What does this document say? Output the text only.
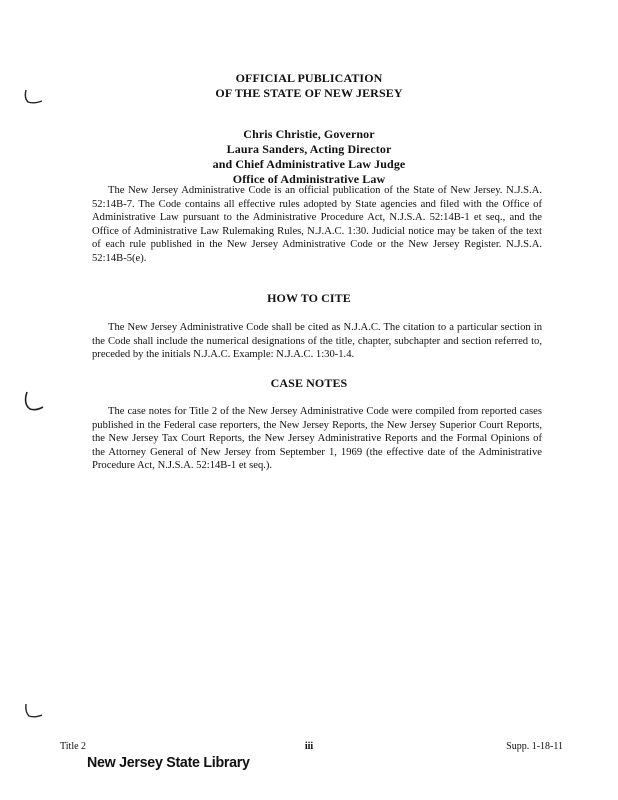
OFFICIAL PUBLICATION
OF THE STATE OF NEW JERSEY
Chris Christie, Governor
Laura Sanders, Acting Director
and Chief Administrative Law Judge
Office of Administrative Law

The New Jersey Administrative Code is an official publication of the State of New Jersey. N.J.S.A. 52:14B-7. The Code contains all effective rules adopted by State agencies and filed with the Office of Administrative Law pursuant to the Administrative Procedure Act, N.J.S.A. 52:14B-1 et seq., and the Office of Administrative Law Rulemaking Rules, N.J.A.C. 1:30. Judicial notice may be taken of the text of each rule published in the New Jersey Administrative Code or the New Jersey Register. N.J.S.A. 52:14B-5(e).

HOW TO CITE

The New Jersey Administrative Code shall be cited as N.J.A.C. The citation to a particular section in the Code shall include the numerical designations of the title, chapter, subchapter and section referred to, preceded by the initials N.J.A.C. Example: N.J.A.C. 1:30-1.4.

CASE NOTES

The case notes for Title 2 of the New Jersey Administrative Code were compiled from reported cases published in the Federal case reporters, the New Jersey Reports, the New Jersey Superior Court Reports, the New Jersey Tax Court Reports, the New Jersey Administrative Reports and the Formal Opinions of the Attorney General of New Jersey from September 1, 1969 (the effective date of the Administrative Procedure Act, N.J.S.A. 52:14B-1 et seq.).

Title 2	iii	Supp. 1-18-11
New Jersey State Library
